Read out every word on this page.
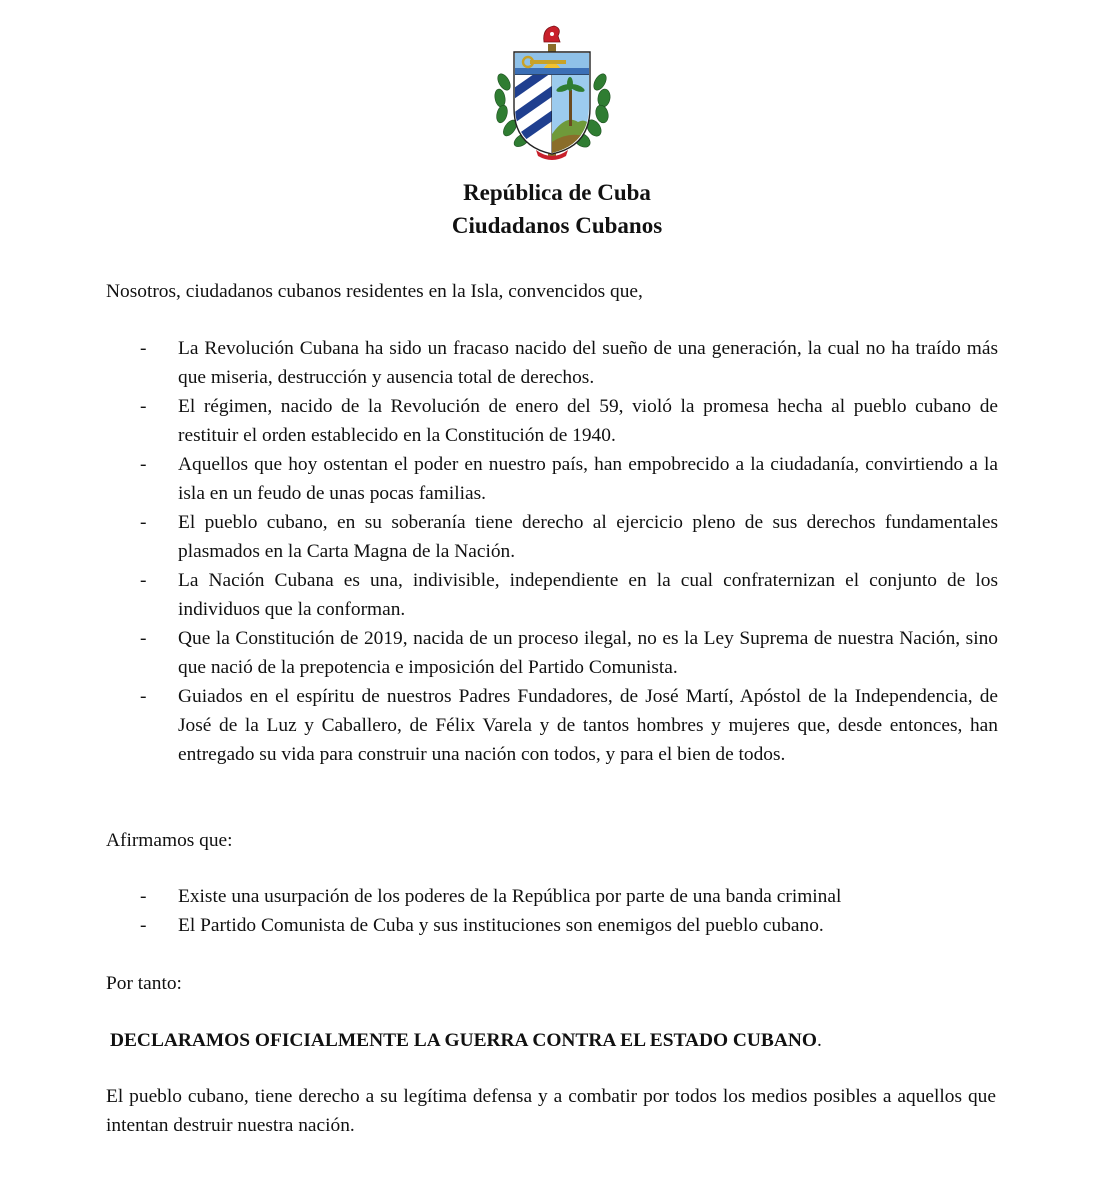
República de Cuba
Ciudadanos Cubanos
Nosotros, ciudadanos cubanos residentes en la Isla, convencidos que,
- La Revolución Cubana ha sido un fracaso nacido del sueño de una generación, la cual no ha traído más que miseria, destrucción y ausencia total de derechos.
- El régimen, nacido de la Revolución de enero del 59, violó la promesa hecha al pueblo cubano de restituir el orden establecido en la Constitución de 1940.
- Aquellos que hoy ostentan el poder en nuestro país, han empobrecido a la ciudadanía, convirtiendo a la isla en un feudo de unas pocas familias.
- El pueblo cubano, en su soberanía tiene derecho al ejercicio pleno de sus derechos fundamentales plasmados en la Carta Magna de la Nación.
- La Nación Cubana es una, indivisible, independiente en la cual confraternizan el conjunto de los individuos que la conforman.
- Que la Constitución de 2019, nacida de un proceso ilegal, no es la Ley Suprema de nuestra Nación, sino que nació de la prepotencia e imposición del Partido Comunista.
- Guiados en el espíritu de nuestros Padres Fundadores, de José Martí, Apóstol de la Independencia, de José de la Luz y Caballero, de Félix Varela y de tantos hombres y mujeres que, desde entonces, han entregado su vida para construir una nación con todos, y para el bien de todos.
Afirmamos que:
- Existe una usurpación de los poderes de la República por parte de una banda criminal
- El Partido Comunista de Cuba y sus instituciones son enemigos del pueblo cubano.
Por tanto:
DECLARAMOS OFICIALMENTE LA GUERRA CONTRA EL ESTADO CUBANO.
El pueblo cubano, tiene derecho a su legítima defensa y a combatir por todos los medios posibles a aquellos que intentan destruir nuestra nación.
